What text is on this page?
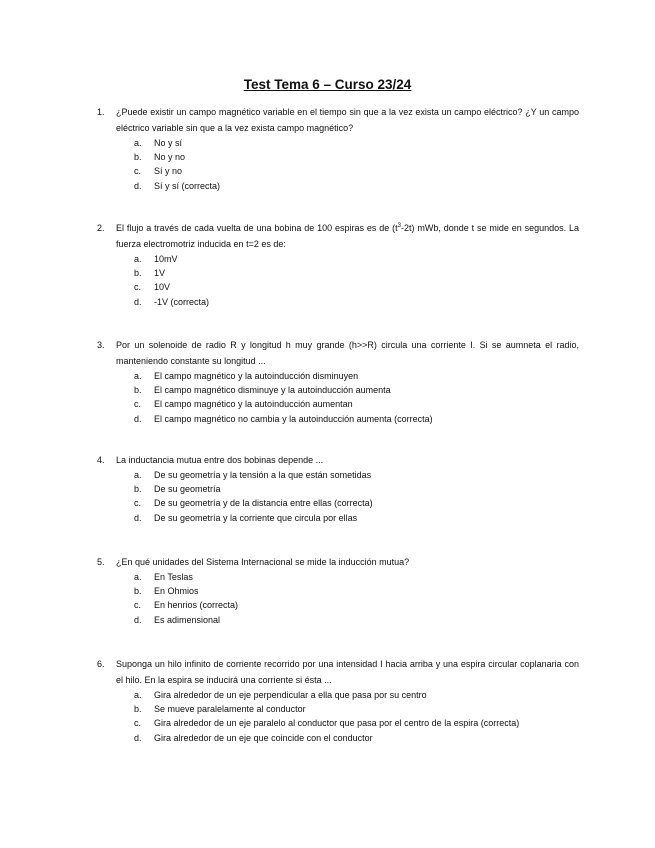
Test Tema 6 – Curso 23/24
1.	¿Puede existir un campo magnético variable en el tiempo sin que a la vez exista un campo eléctrico? ¿Y un campo eléctrico variable sin que a la vez exista campo magnético?
a.	No y sí
b.	No y no
c.	Sí y no
d.	Sí y sí (correcta)
2.	El flujo a través de cada vuelta de una bobina de 100 espiras es de $(t^3-2t)$ mWb, donde t se mide en segundos. La fuerza electromotriz inducida en t=2 es de:
a.	10mV
b.	1V
c.	10V
d.	-1V (correcta)
3.	Por un solenoide de radio R y longitud h muy grande (h>>R) circula una corriente I. Si se aumneta el radio, manteniendo constante su longitud ...
a.	El campo magnético y la autoinducción disminuyen
b.	El campo magnético disminuye y la autoinducción aumenta
c.	El campo magnético y la autoinducción aumentan
d.	El campo magnético no cambia y la autoinducción aumenta (correcta)
4.	La inductancia mutua entre dos bobinas depende ...
a.	De su geometría y la tensión a la que están sometidas
b.	De su geometría
c.	De su geometría y de la distancia entre ellas (correcta)
d.	De su geometría y la corriente que circula por ellas
5.	¿En qué unidades del Sistema Internacional se mide la inducción mutua?
a.	En Teslas
b.	En Ohmios
c.	En henrios (correcta)
d.	Es adimensional
6.	Suponga un hilo infinito de corriente recorrido por una intensidad I hacia arriba y una espira circular coplanaria con el hilo. En la espira se inducirá una corriente si ésta ...
a.	Gira alrededor de un eje perpendicular a ella que pasa por su centro
b.	Se mueve paralelamente al conductor
c.	Gira alrededor de un eje paralelo al conductor que pasa por el centro de la espira (correcta)
d.	Gira alrededor de un eje que coincide con el conductor
